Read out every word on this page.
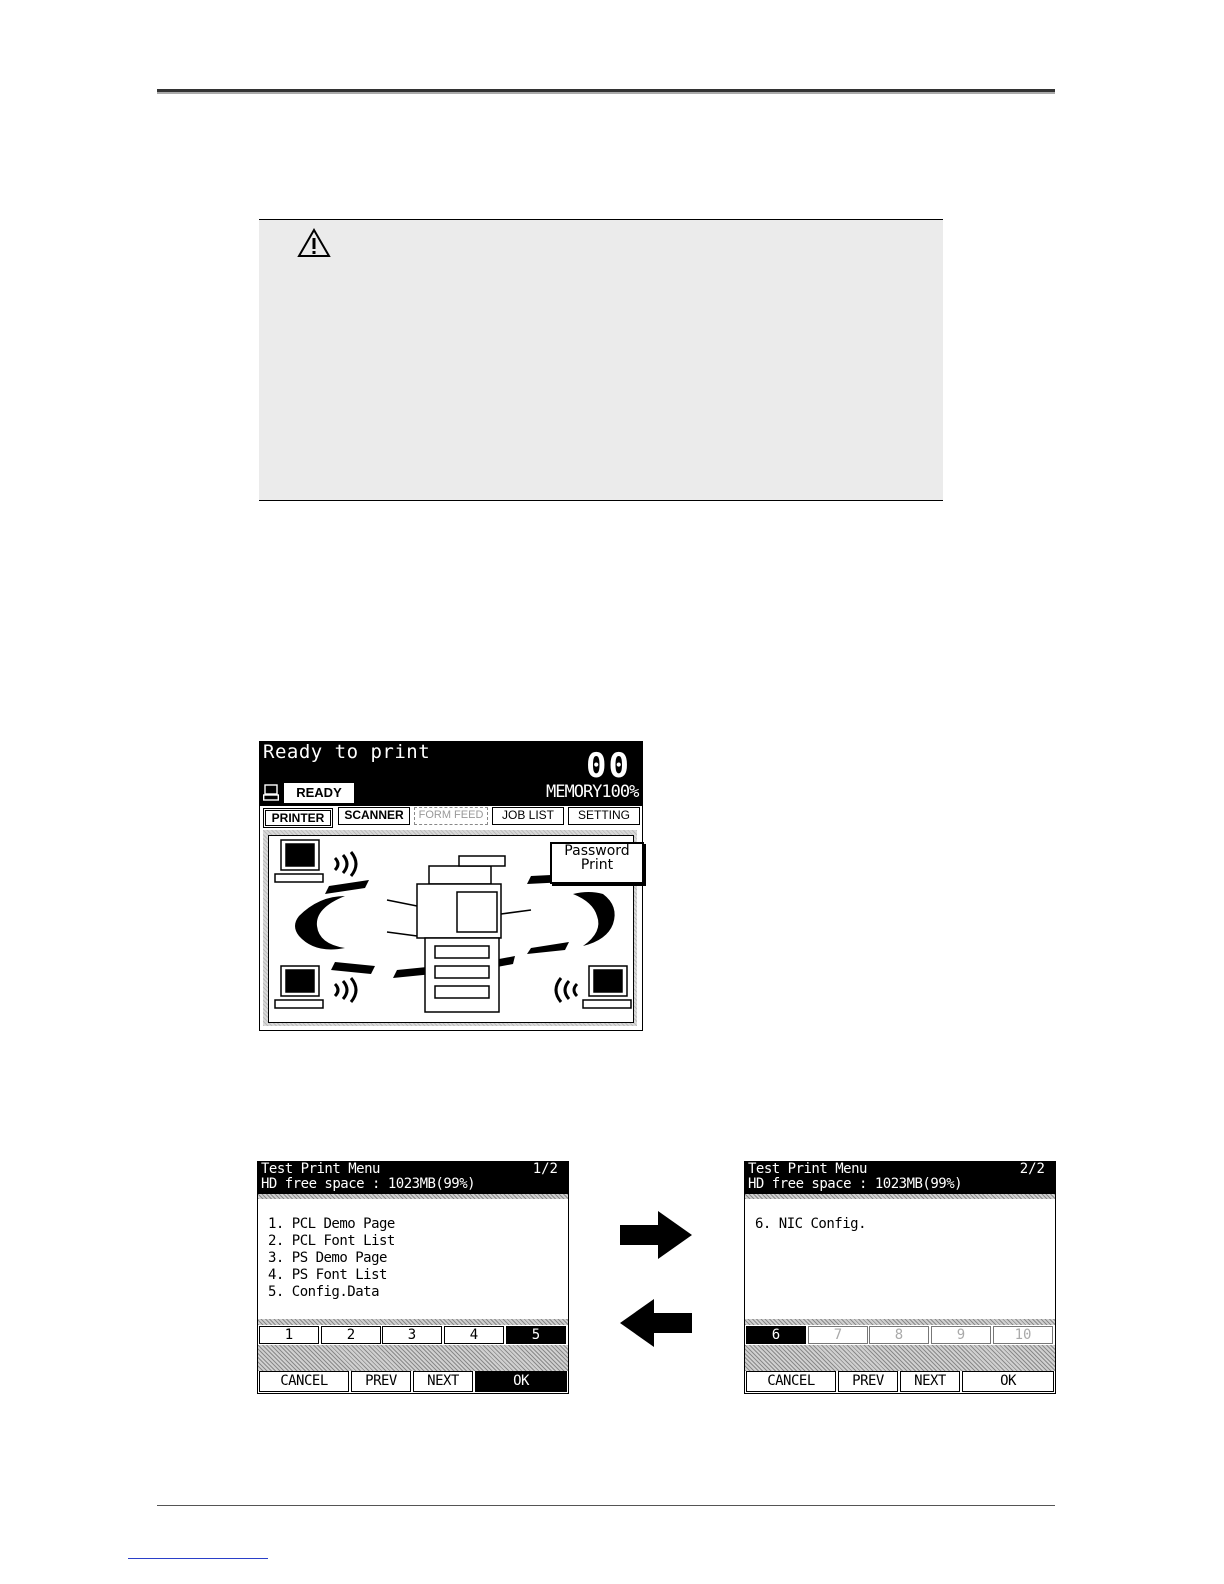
Ready to print	00 0
MEMORY100%
READY
PRINTER	SCANNER	FORM FEED	JOB LIST	SETTING
Password
Print
Test Print Menu	1/2
HD free space : 1023MB(99%)
1. PCL Demo Page
2. PCL Font List
3. PS Demo Page
4. PS Font List
5. Config.Data
1	2	3	4	5
CANCEL	PREV	NEXT	OK
Test Print Menu	2/2
HD free space : 1023MB(99%)
6. NIC Config.
6	7	8	9	10
CANCEL	PREV	NEXT	OK
